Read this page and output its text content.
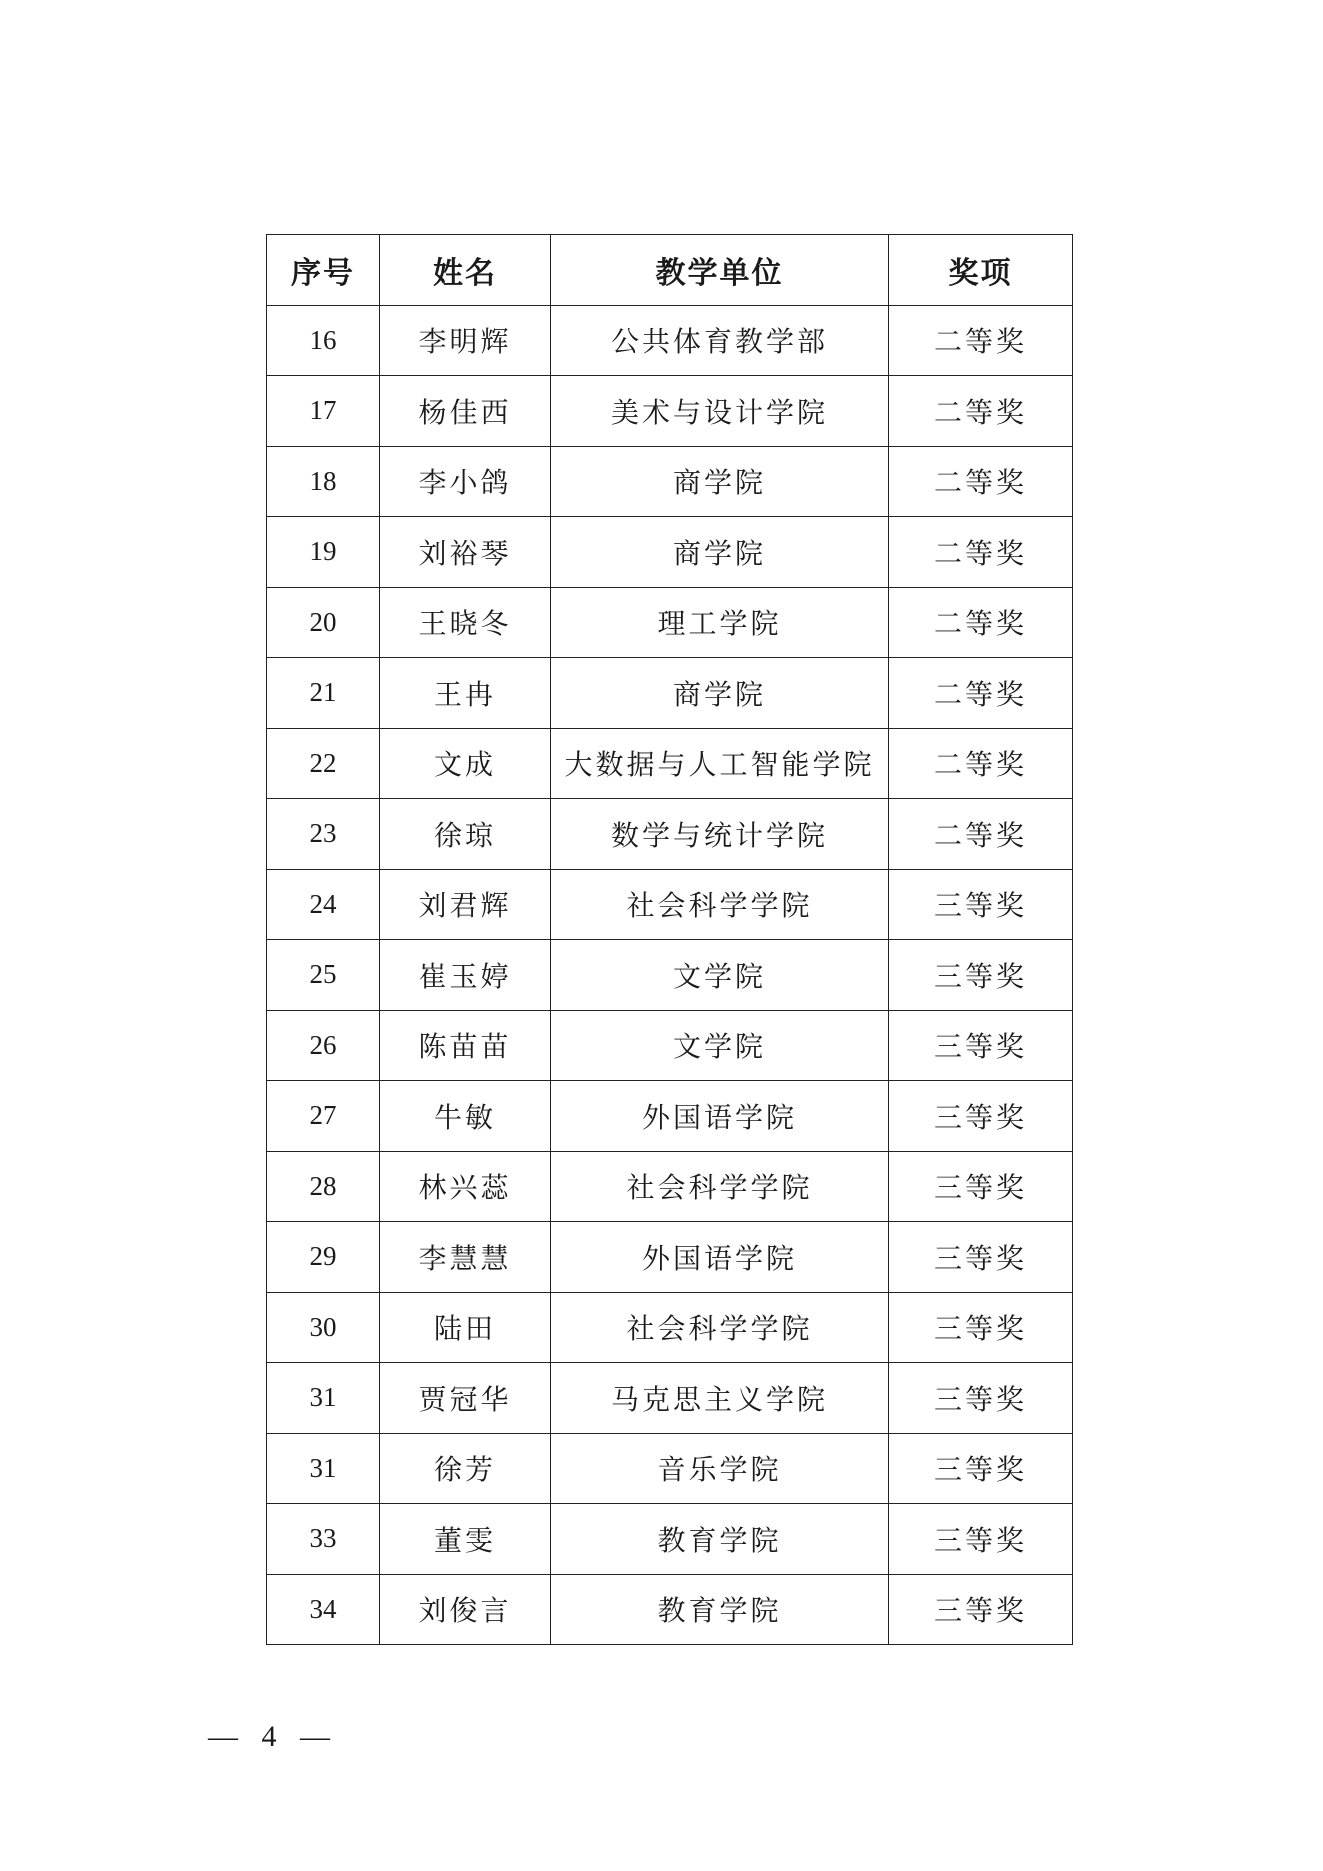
序号	姓名	教学单位	奖项
16	李明辉	公共体育教学部	二等奖
17	杨佳西	美术与设计学院	二等奖
18	李小鸽	商学院	二等奖
19	刘裕琴	商学院	二等奖
20	王晓冬	理工学院	二等奖
21	王冉	商学院	二等奖
22	文成	大数据与人工智能学院	二等奖
23	徐琼	数学与统计学院	二等奖
24	刘君辉	社会科学学院	三等奖
25	崔玉婷	文学院	三等奖
26	陈苗苗	文学院	三等奖
27	牛敏	外国语学院	三等奖
28	林兴蕊	社会科学学院	三等奖
29	李慧慧	外国语学院	三等奖
30	陆田	社会科学学院	三等奖
31	贾冠华	马克思主义学院	三等奖
31	徐芳	音乐学院	三等奖
33	董雯	教育学院	三等奖
34	刘俊言	教育学院	三等奖
— 4 —
